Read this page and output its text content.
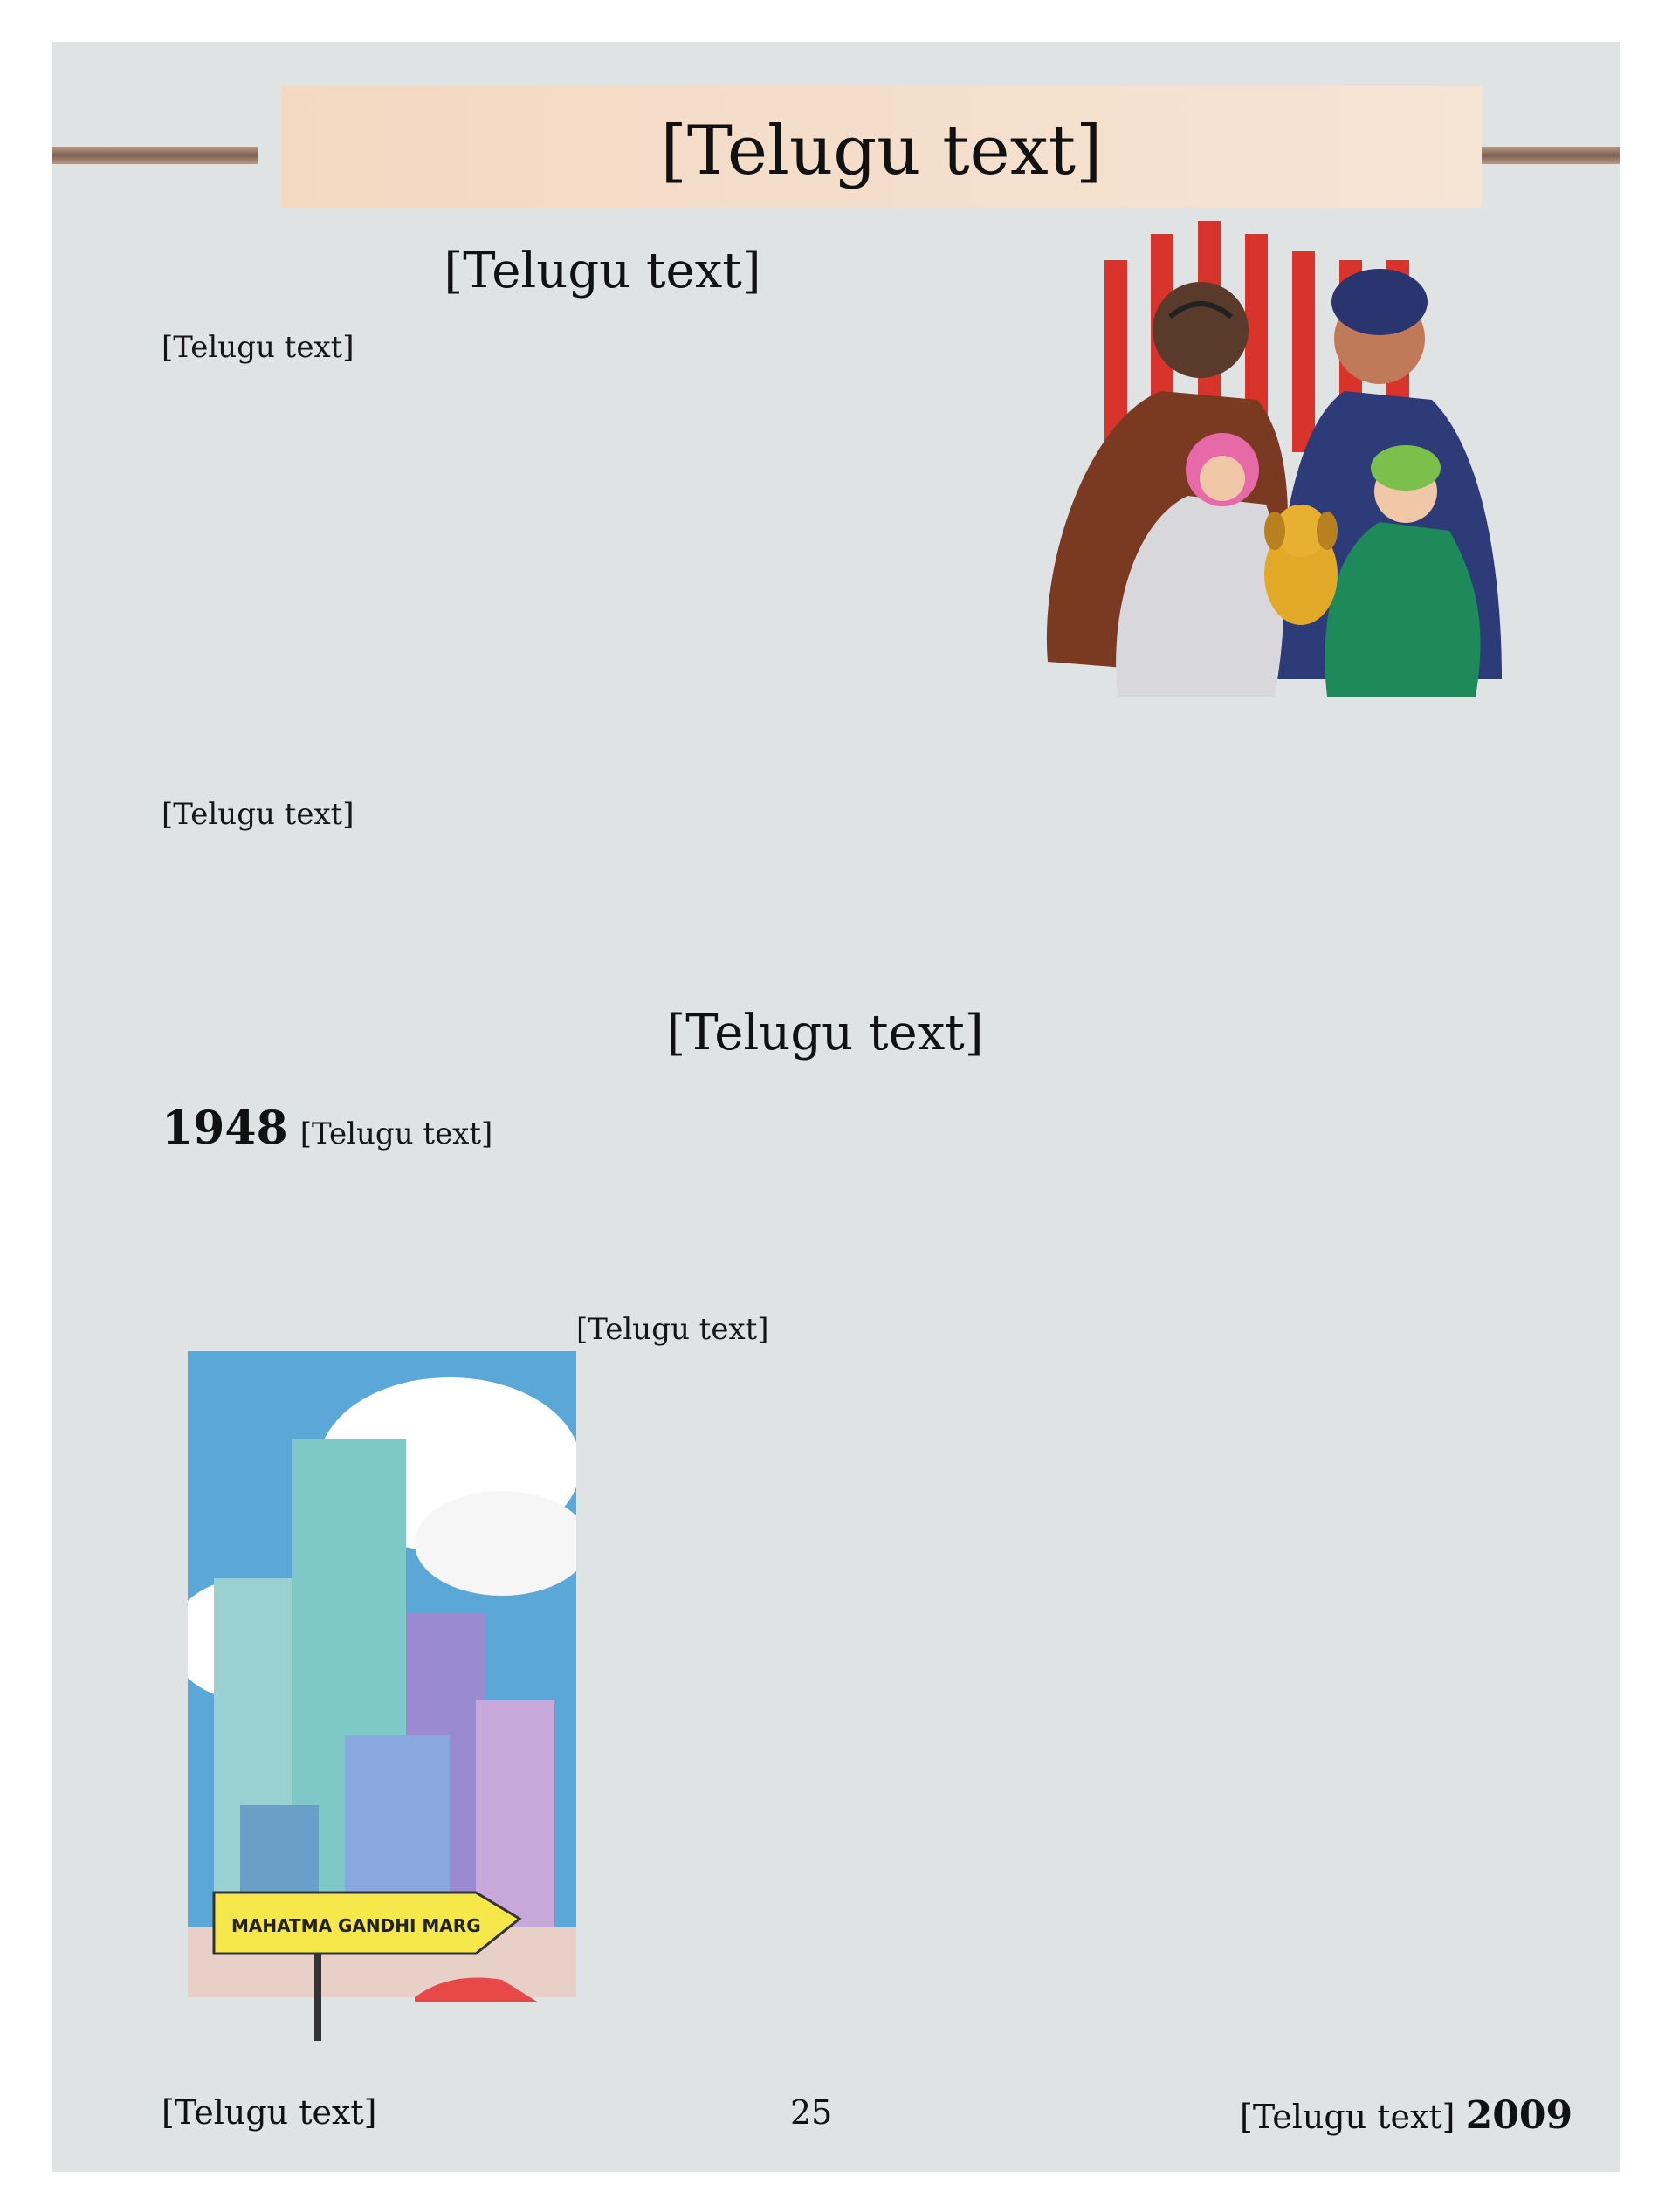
[Telugu text]
[Telugu text]

[Telugu text]

[Telugu text]

[Telugu text]

1948 [Telugu text]

MAHATMA GANDHI MARG

[Telugu text]

[Telugu text]	25	[Telugu text] 2009
